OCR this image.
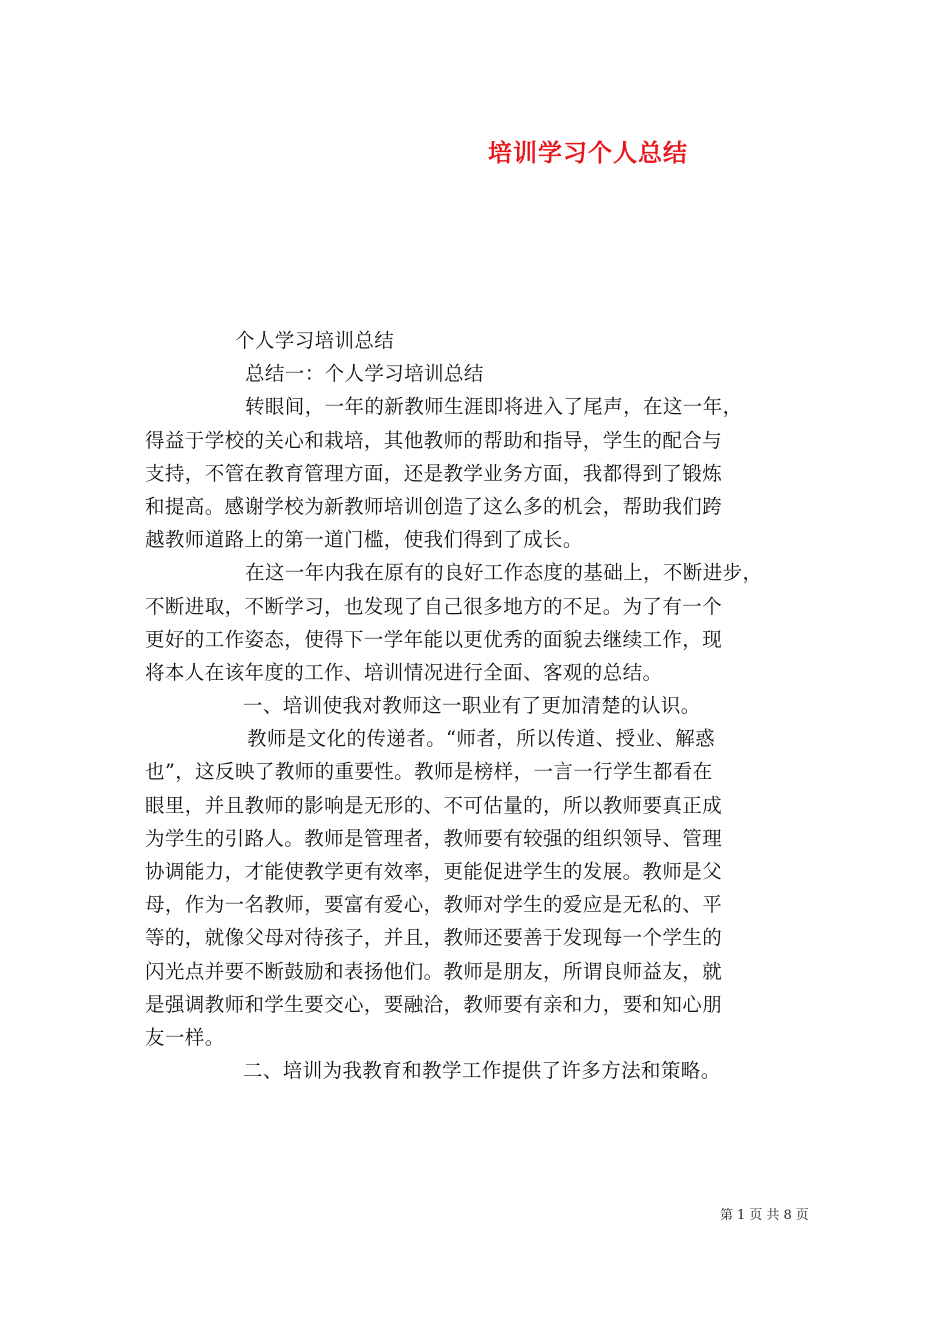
培训学习个人总结
个人学习培训总结
总结一：个人学习培训总结
转眼间，一年的新教师生涯即将进入了尾声，在这一年，
得益于学校的关心和栽培，其他教师的帮助和指导，学生的配合与
支持，不管在教育管理方面，还是教学业务方面，我都得到了锻炼
和提高。感谢学校为新教师培训创造了这么多的机会，帮助我们跨
越教师道路上的第一道门槛，使我们得到了成长。
在这一年内我在原有的良好工作态度的基础上，不断进步，
不断进取，不断学习，也发现了自己很多地方的不足。为了有一个
更好的工作姿态，使得下一学年能以更优秀的面貌去继续工作，现
将本人在该年度的工作、培训情况进行全面、客观的总结。
一、培训使我对教师这一职业有了更加清楚的认识。
教师是文化的传递者。“师者，所以传道、授业、解惑
也”，这反映了教师的重要性。教师是榜样，一言一行学生都看在
眼里，并且教师的影响是无形的、不可估量的，所以教师要真正成
为学生的引路人。教师是管理者，教师要有较强的组织领导、管理
协调能力，才能使教学更有效率，更能促进学生的发展。教师是父
母，作为一名教师，要富有爱心，教师对学生的爱应是无私的、平
等的，就像父母对待孩子，并且，教师还要善于发现每一个学生的
闪光点并要不断鼓励和表扬他们。教师是朋友，所谓良师益友，就
是强调教师和学生要交心，要融洽，教师要有亲和力，要和知心朋
友一样。
二、培训为我教育和教学工作提供了许多方法和策略。
第 1 页 共 8 页
